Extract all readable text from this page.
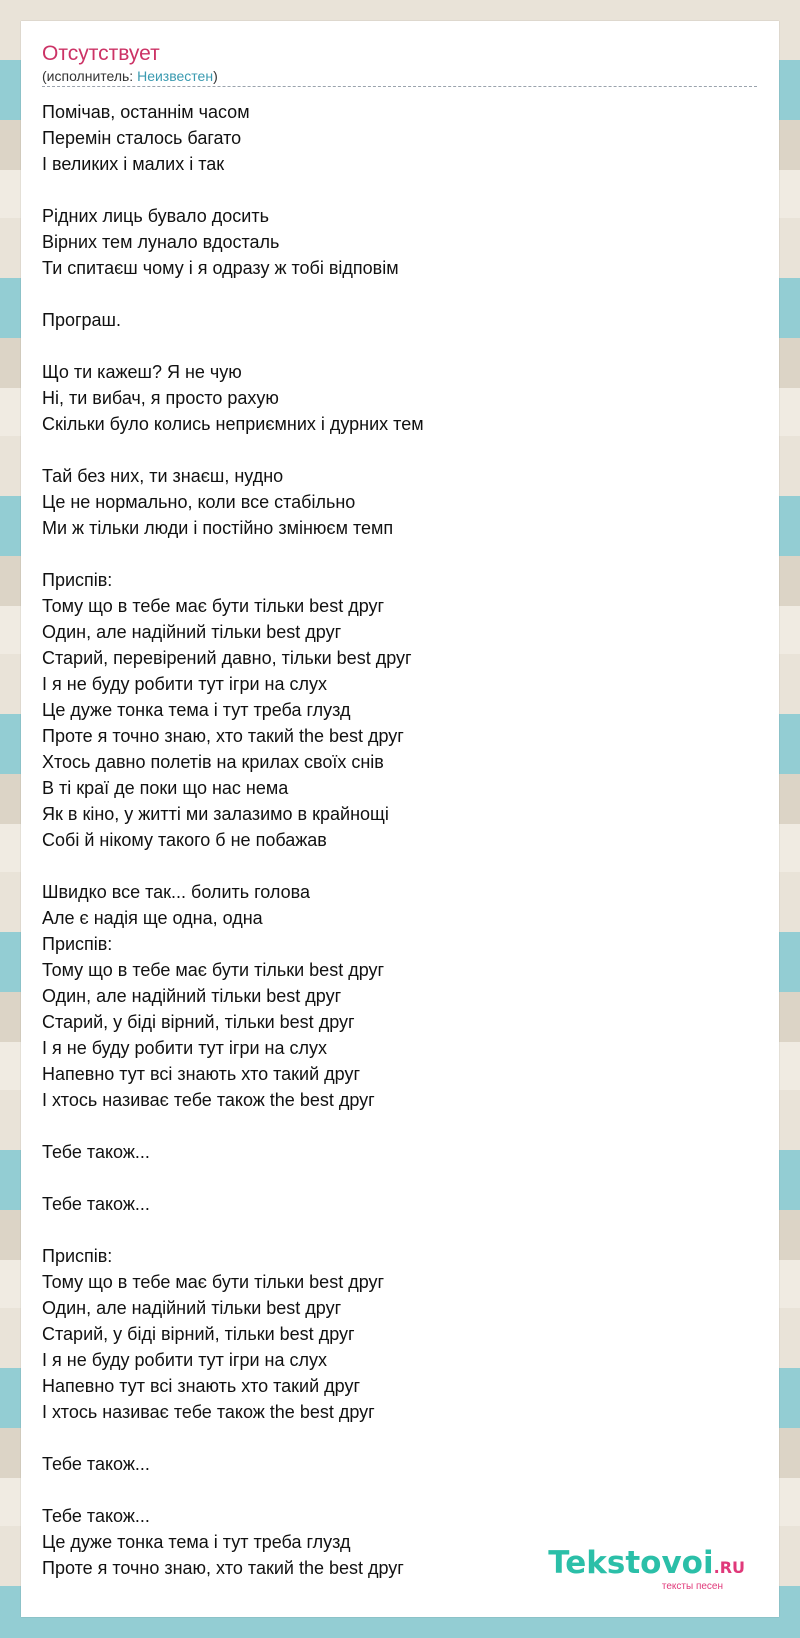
Отсутствует
(исполнитель: Неизвестен)
Помічав, останнім часом
Перемін сталось багато
І великих і малих і так
Рідних лиць бувало досить
Вірних тем лунало вдосталь
Ти спитаєш чому і я одразу ж тобі відповім
Програш.
Що ти кажеш? Я не чую
Ні, ти вибач, я просто рахую
Скільки було колись неприємних і дурних тем
Тай без них, ти знаєш, нудно
Це не нормально, коли все стабільно
Ми ж тільки люди і постійно змінюєм темп
Приспів:
Тому що в тебе має бути тільки best друг
Один, але надійний тільки best друг
Старий, перевірений давно, тільки best друг
І я не буду робити тут ігри на слух
Це дуже тонка тема і тут треба глузд
Проте я точно знаю, хто такий the best друг
Хтось давно полетів на крилах своїх снів
В ті краї де поки що нас нема
Як в кіно, у житті ми залазимо в крайнощі
Собі й нікому такого б не побажав
Швидко все так... болить голова
Але є надія ще одна, одна
Приспів:
Тому що в тебе має бути тільки best друг
Один, але надійний тільки best друг
Старий, у біді вірний, тільки best друг
І я не буду робити тут ігри на слух
Напевно тут всі знають хто такий друг
І хтось називає тебе також the best друг
Тебе також...
Тебе також...
Приспів:
Тому що в тебе має бути тільки best друг
Один, але надійний тільки best друг
Старий, у біді вірний, тільки best друг
І я не буду робити тут ігри на слух
Напевно тут всі знають хто такий друг
І хтось називає тебе також the best друг
Тебе також...
Тебе також...
Це дуже тонка тема і тут треба глузд
Проте я точно знаю, хто такий the best друг	Tekstovoi.RU
тексты песен
